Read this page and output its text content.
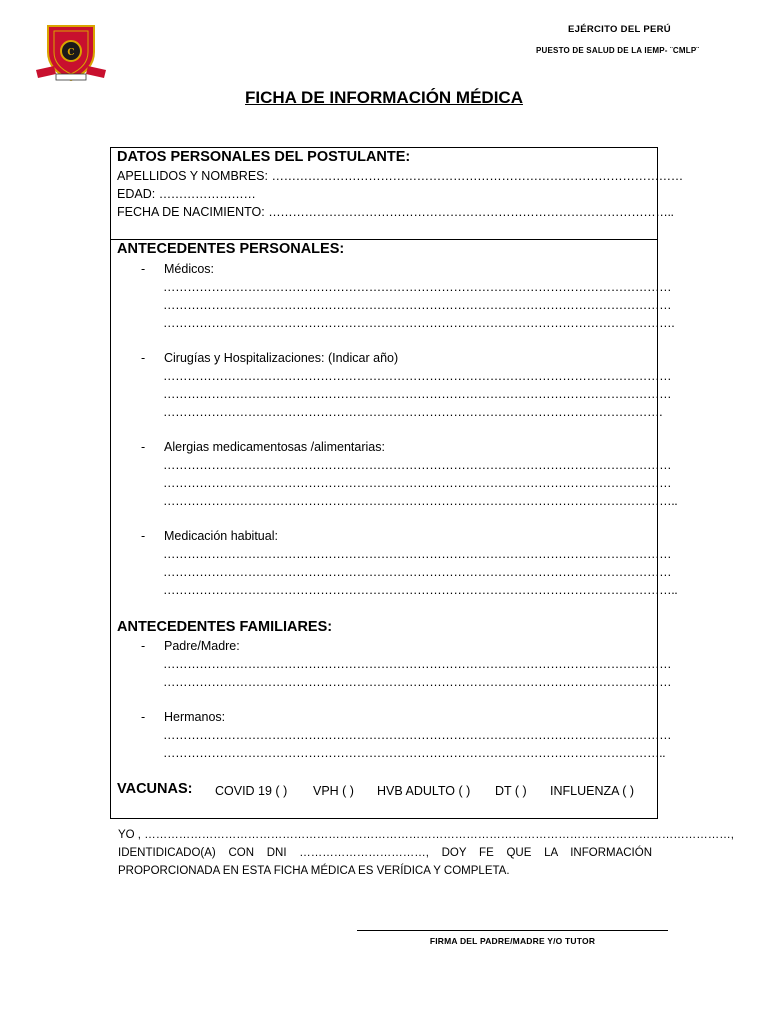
C
EJÉRCITO DEL PERÚ
PUESTO DE SALUD DE LA IEMP- ¨CMLP¨
FICHA DE INFORMACIÓN MÉDICA
DATOS PERSONALES DEL POSTULANTE:
APELLIDOS Y NOMBRES: …………………………………………………………………………………………
EDAD: ……………………
FECHA DE NACIMIENTO: ………………………………………………………………………………………..
ANTECEDENTES PERSONALES:
- Médicos:
………………………………………………………………………………………………………………
………………………………………………………………………………………………………………
……………………………………………………………………………………………………………….
- Cirugías y Hospitalizaciones: (Indicar año)
………………………………………………………………………………………………………………
………………………………………………………………………………………………………………
…………………………………………………………………………………………………………….
- Alergias medicamentosas /alimentarias:
………………………………………………………………………………………………………………
………………………………………………………………………………………………………………
………………………………………………………………………………………………………………..
- Medicación habitual:
………………………………………………………………………………………………………………
………………………………………………………………………………………………………………
………………………………………………………………………………………………………………..
ANTECEDENTES FAMILIARES:
- Padre/Madre:
………………………………………………………………………………………………………………
………………………………………………………………………………………………………………
- Hermanos:
………………………………………………………………………………………………………………
……………………………………………………………………………………………………………..
VACUNAS: COVID 19 ( ) VPH ( ) HVB ADULTO ( ) DT ( ) INFLUENZA ( )
YO , ………………………………………………………………………………………………………………………………………,
IDENTIDICADO(A) CON DNI ……………………………, DOY FE QUE LA INFORMACIÓN
PROPORCIONADA EN ESTA FICHA MÉDICA ES VERÍDICA Y COMPLETA.
FIRMA DEL PADRE/MADRE Y/O TUTOR
